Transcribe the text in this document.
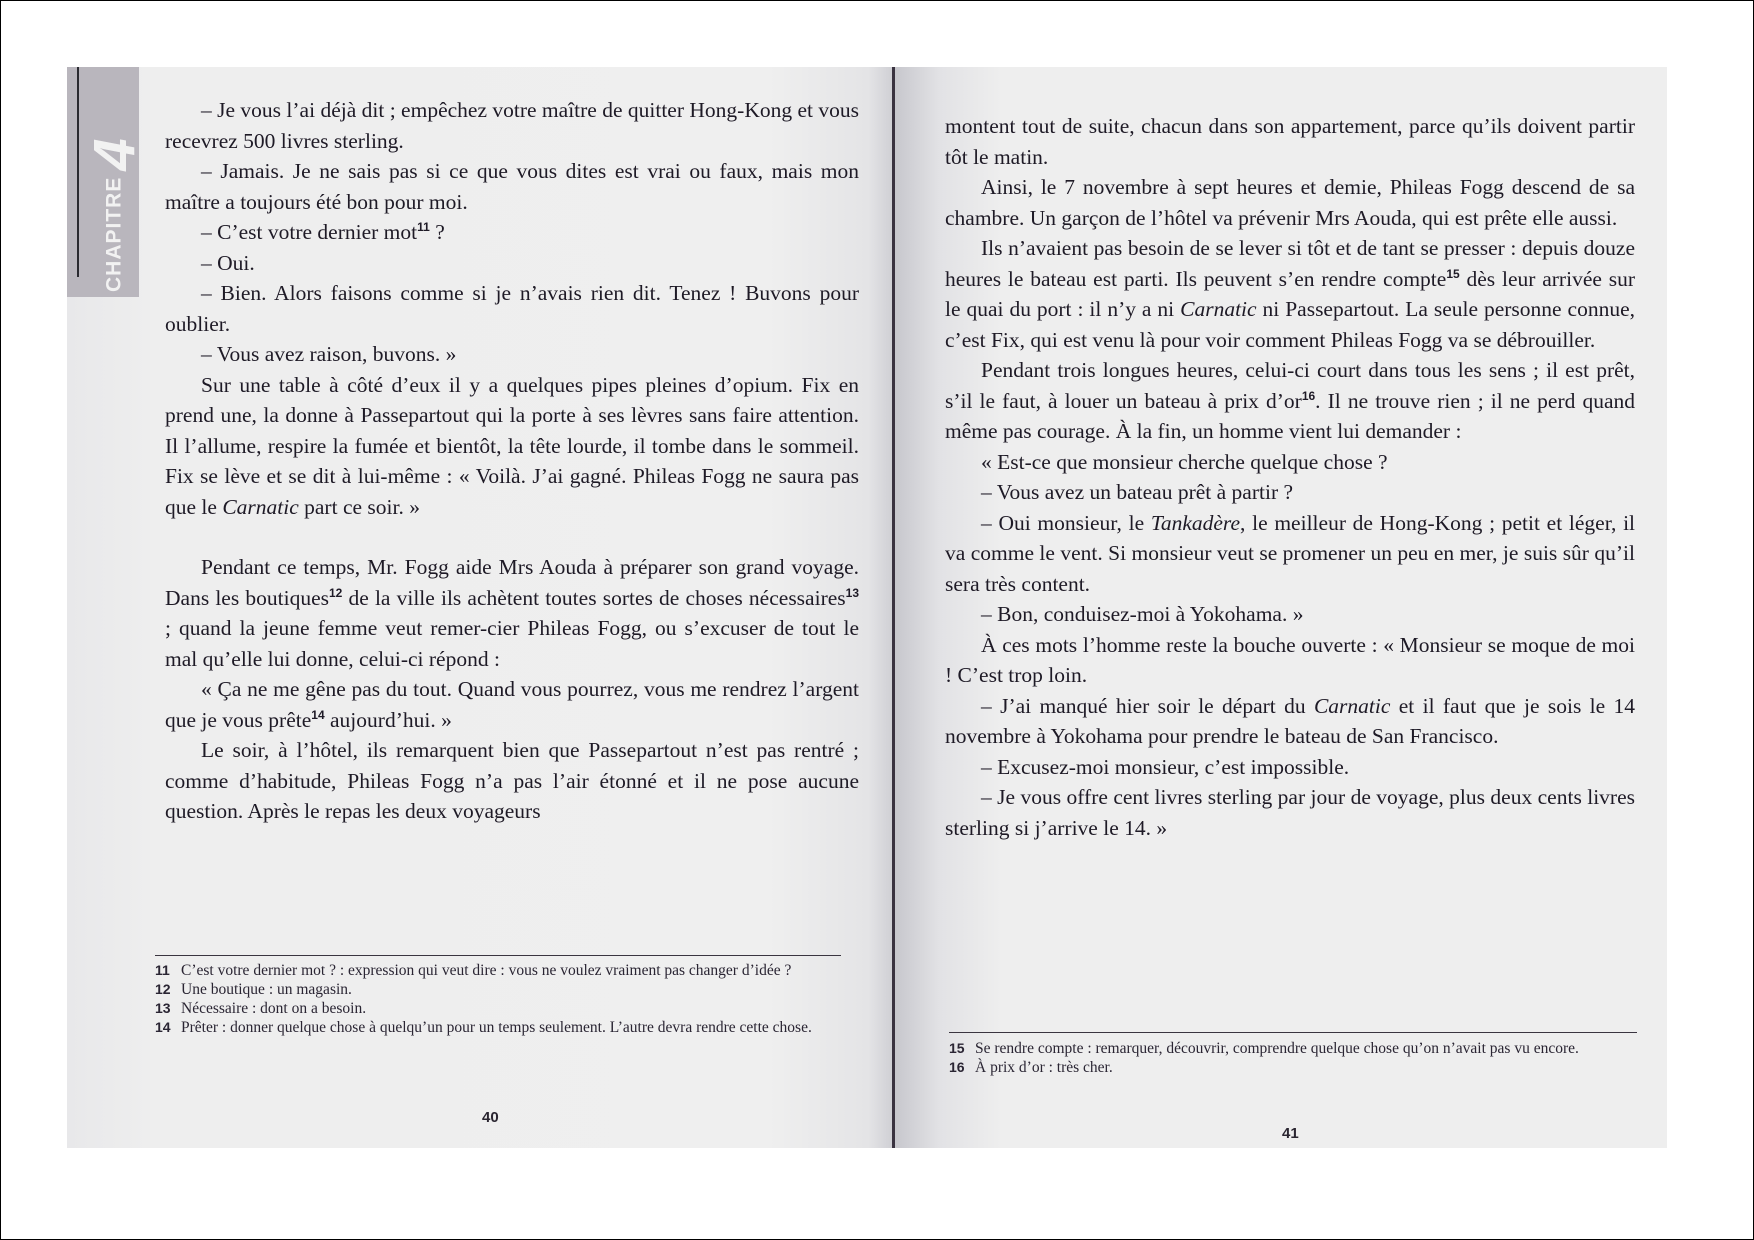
CHAPITRE4

– Je vous l’ai déjà dit ; empêchez votre maître de quitter Hong-Kong et vous recevrez 500 livres sterling.

– Jamais. Je ne sais pas si ce que vous dites est vrai ou faux, mais mon maître a toujours été bon pour moi.

– C’est votre dernier mot$^{11}$ ?

– Oui.

– Bien. Alors faisons comme si je n’avais rien dit. Tenez ! Buvons pour oublier.

– Vous avez raison, buvons. »

Sur une table à côté d’eux il y a quelques pipes pleines d’opium. Fix en prend une, la donne à Passepartout qui la porte à ses lèvres sans faire attention. Il l’allume, respire la fumée et bientôt, la tête lourde, il tombe dans le sommeil. Fix se lève et se dit à lui-même : « Voilà. J’ai gagné. Phileas Fogg ne saura pas que le Carnatic part ce soir. »

Pendant ce temps, Mr. Fogg aide Mrs Aouda à préparer son grand voyage. Dans les boutiques$^{12}$ de la ville ils achètent toutes sortes de choses nécessaires$^{13}$ ; quand la jeune femme veut remer-cier Phileas Fogg, ou s’excuser de tout le mal qu’elle lui donne, celui-ci répond :

« Ça ne me gêne pas du tout. Quand vous pourrez, vous me rendrez l’argent que je vous prête$^{14}$ aujourd’hui. »

Le soir, à l’hôtel, ils remarquent bien que Passepartout n’est pas rentré ; comme d’habitude, Phileas Fogg n’a pas l’air étonné et il ne pose aucune question. Après le repas les deux voyageurs

11 C’est votre dernier mot ? : expression qui veut dire : vous ne voulez vraiment pas changer d’idée ?
12 Une boutique : un magasin.
13 Nécessaire : dont on a besoin.
14 Prêter : donner quelque chose à quelqu’un pour un temps seulement. L’autre devra rendre cette chose.
40

montent tout de suite, chacun dans son appartement, parce qu’ils doivent partir tôt le matin.

Ainsi, le 7 novembre à sept heures et demie, Phileas Fogg descend de sa chambre. Un garçon de l’hôtel va prévenir Mrs Aouda, qui est prête elle aussi.

Ils n’avaient pas besoin de se lever si tôt et de tant se presser : depuis douze heures le bateau est parti. Ils peuvent s’en rendre compte$^{15}$ dès leur arrivée sur le quai du port : il n’y a ni Carnatic ni Passepartout. La seule personne connue, c’est Fix, qui est venu là pour voir comment Phileas Fogg va se débrouiller.

Pendant trois longues heures, celui-ci court dans tous les sens ; il est prêt, s’il le faut, à louer un bateau à prix $d’or^{16}$. Il ne trouve rien ; il ne perd quand même pas courage. À la fin, un homme vient lui demander :

« Est-ce que monsieur cherche quelque chose ?

– Vous avez un bateau prêt à partir ?

– Oui monsieur, le Tankadère, le meilleur de Hong-Kong ; petit et léger, il va comme le vent. Si monsieur veut se promener un peu en mer, je suis sûr qu’il sera très content.

– Bon, conduisez-moi à Yokohama. »

À ces mots l’homme reste la bouche ouverte : « Monsieur se moque de moi ! C’est trop loin.

– J’ai manqué hier soir le départ du Carnatic et il faut que je sois le 14 novembre à Yokohama pour prendre le bateau de San Francisco.

– Excusez-moi monsieur, c’est impossible.

– Je vous offre cent livres sterling par jour de voyage, plus deux cents livres sterling si j’arrive le 14. »

15 Se rendre compte : remarquer, découvrir, comprendre quelque chose qu’on n’avait pas vu encore.
16 À prix d’or : très cher.
41
